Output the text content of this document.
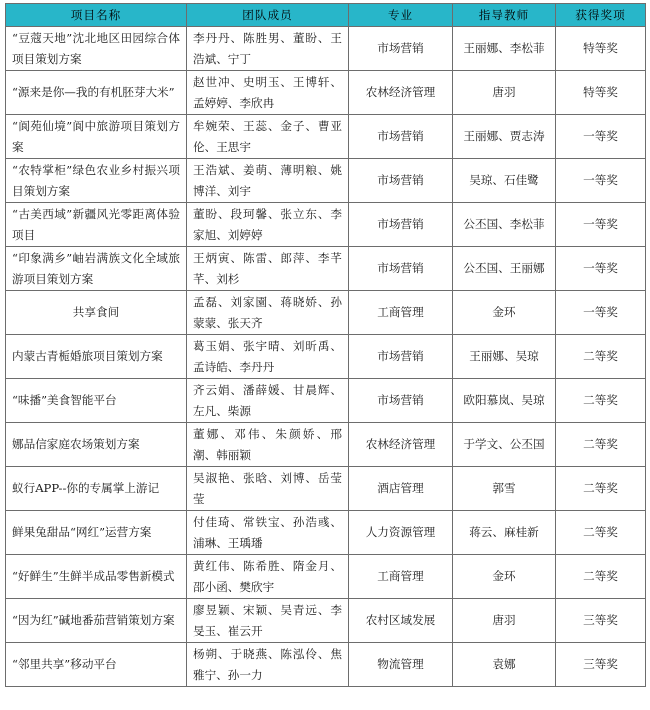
项目名称	团队成员	专业	指导教师	获得奖项
“豆蔻天地”沈北地区田园综合体项目策划方案	李丹丹、陈胜男、董盼、王浩斌、宁丁	市场营销	王丽娜、李松菲	特等奖
“源来是你—我的有机胚芽大米”	赵世冲、史明玉、王博轩、孟婷婷、李欣冉	农林经济管理	唐羽	特等奖
“阆苑仙境”阆中旅游项目策划方案	牟婉荣、王蕊、金子、曹亚伦、王思宇	市场营销	王丽娜、贾志涛	一等奖
“农特掌柜”绿色农业乡村振兴项目策划方案	王浩斌、姜萌、薄明粮、姚博洋、刘宇	市场营销	吴琼、石佳鹭	一等奖
“古美西域”新疆风光零距离体验项目	董盼、段珂馨、张立东、李家旭、刘婷婷	市场营销	公丕国、李松菲	一等奖
“印象满乡”岫岩满族文化全域旅游项目策划方案	王炳寅、陈雷、郎萍、李芊芊、刘杉	市场营销	公丕国、王丽娜	一等奖
共享食间	孟磊、刘家園、蒋晓娇、孙蒙蒙、张天齐	工商管理	金环	一等奖
内蒙古青栀婚旅项目策划方案	葛玉娟、张宇晴、刘昕禹、孟诗皓、李丹丹	市场营销	王丽娜、吴琼	二等奖
“味播”美食智能平台	齐云娟、潘薛媛、甘晨辉、左凡、柴源	市场营销	欧阳慕岚、吴琼	二等奖
娜品信家庭农场策划方案	董娜、邓伟、朱颜娇、邢潮、韩丽颖	农林经济管理	于学文、公丕国	二等奖
蚁行APP--你的专属掌上游记	吴淑艳、张晗、刘博、岳莹莹	酒店管理	郭雪	二等奖
鲜果兔甜品“网红”运营方案	付佳琦、常铁宝、孙浩彧、浦琳、王瑀璠	人力资源管理	蒋云、麻桂新	二等奖
“好鲜生”生鲜半成品零售新模式	黄红伟、陈希胜、隋金月、邵小函、樊欣宇	工商管理	金环	二等奖
“因为红”碱地番茄营销策划方案	廖昱颖、宋颖、吴青远、李旻玉、崔云开	农村区域发展	唐羽	三等奖
“邻里共享”移动平台	杨朔、于晓燕、陈泓伶、焦雅宁、孙一力	物流管理	袁娜	三等奖
